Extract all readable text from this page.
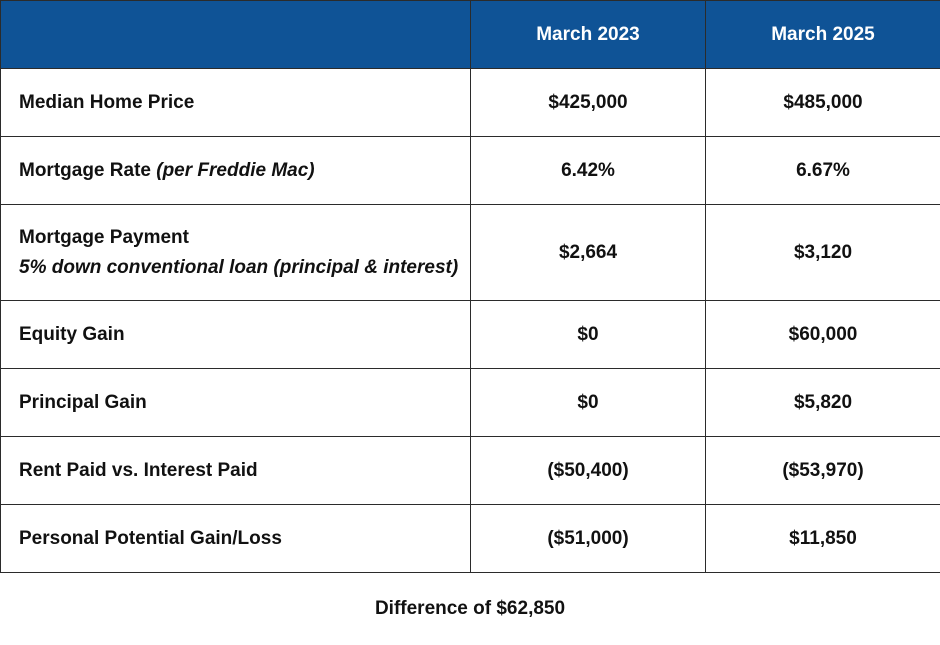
	March 2023	March 2025
Median Home Price	$425,000	$485,000
Mortgage Rate (per Freddie Mac)	6.42%	6.67%
Mortgage Payment
5% down conventional loan (principal & interest)	$2,664	$3,120
Equity Gain	$0	$60,000
Principal Gain	$0	$5,820
Rent Paid vs. Interest Paid	($50,400)	($53,970)
Personal Potential Gain/Loss	($51,000)	$11,850
Difference of $62,850
